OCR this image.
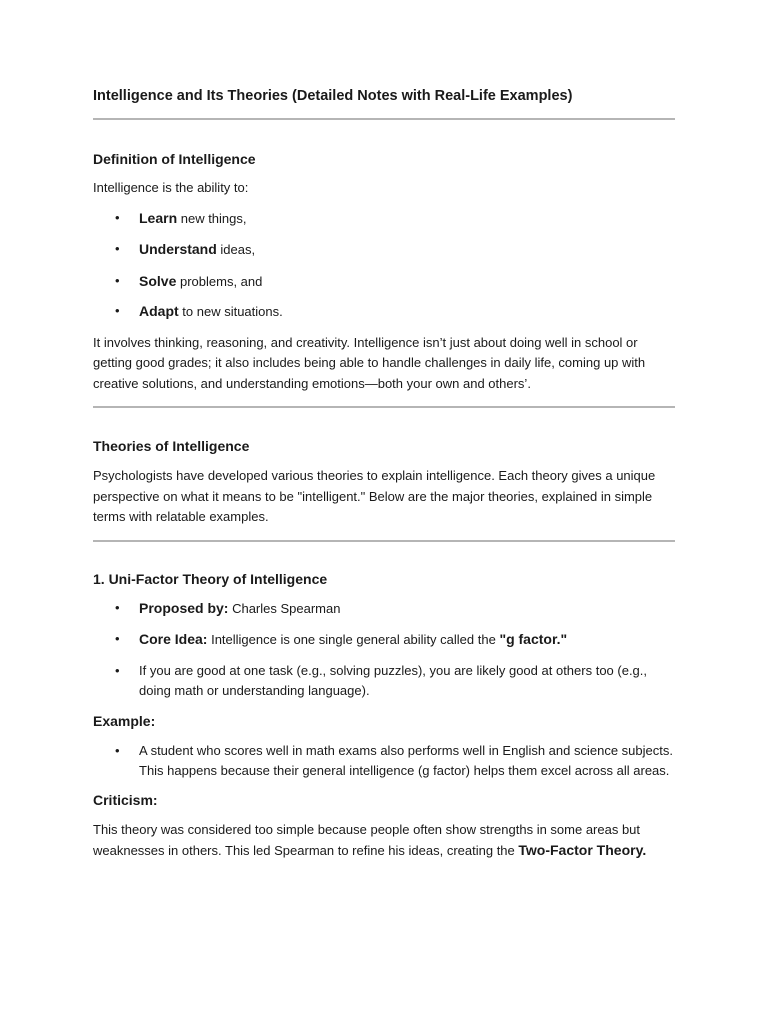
Intelligence and Its Theories (Detailed Notes with Real-Life Examples)
Definition of Intelligence

Intelligence is the ability to:

• Learn new things,
• Understand ideas,
• Solve problems, and
• Adapt to new situations.

It involves thinking, reasoning, and creativity. Intelligence isn’t just about doing well in school or getting good grades; it also includes being able to handle challenges in daily life, coming up with creative solutions, and understanding emotions—both your own and others’.

Theories of Intelligence

Psychologists have developed various theories to explain intelligence. Each theory gives a unique perspective on what it means to be "intelligent." Below are the major theories, explained in simple terms with relatable examples.

1. Uni-Factor Theory of Intelligence
• Proposed by: Charles Spearman
• Core Idea: Intelligence is one single general ability called the "g factor."
• If you are good at one task (e.g., solving puzzles), you are likely good at others too (e.g., doing math or understanding language).
Example:
• A student who scores well in math exams also performs well in English and science subjects. This happens because their general intelligence (g factor) helps them excel across all areas.
Criticism:

This theory was considered too simple because people often show strengths in some areas but weaknesses in others. This led Spearman to refine his ideas, creating the Two-Factor Theory.
